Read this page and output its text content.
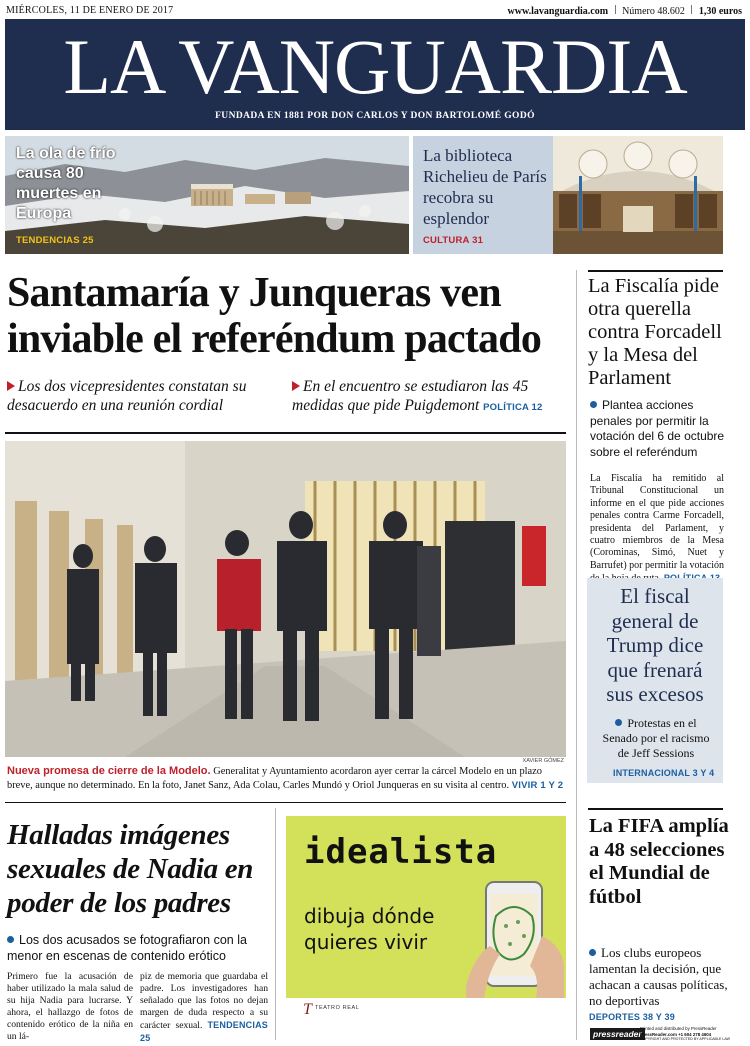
MIÉRCOLES, 11 DE ENERO DE 2017	www.lavanguardia.com Número 48.602 1,30 euros
LA VANGUARDIA
FUNDADA EN 1881 POR DON CARLOS Y DON BARTOLOMÉ GODÓ
La ola de frío causa 80 muertes en Europa
TENDENCIAS 25
La biblioteca Richelieu de París recobra su esplendor
CULTURA 31
Santamaría y Junqueras ven inviable el referéndum pactado
Los dos vicepresidentes constatan su desacuerdo en una reunión cordial
En el encuentro se estudiaron las 45 medidas que pide Puigdemont POLÍTICA 12
XAVIER GÓMEZ
Nueva promesa de cierre de la Modelo. Generalitat y Ayuntamiento acordaron ayer cerrar la cárcel Modelo en un plazo breve, aunque no determinado. En la foto, Janet Sanz, Ada Colau, Carles Mundó y Oriol Junqueras en su visita al centro. VIVIR 1 Y 2
La Fiscalía pide otra querella contra Forcadell y la Mesa del Parlament
Plantea acciones penales por permitir la votación del 6 de octubre sobre el referéndum
La Fiscalía ha remitido al Tribunal Constitucional un informe en el que pide acciones penales contra Carme Forcadell, presidenta del Parlament, y cuatro miembros de la Mesa (Corominas, Simó, Nuet y Barrufet) por permitir la votación
El fiscal general de Trump dice que frenará sus excesos
Protestas en el Senado por el racismo de Jeff Sessions
INTERNACIONAL 3 Y 4
Halladas imágenes sexuales de Nadia en poder de los padres
Los dos acusados se fotografiaron con la menor en escenas de contenido erótico
Primero fue la acusación de haber utilizado la mala salud de su hija Nadia para lucrarse. Y ahora, el hallazgo de fotos de contenido erótico de la niña en un lá-
piz de memoria que guardaba el padre. Los investigadores han señalado que las fotos no dejan margen de duda respecto a su carácter sexual. TENDENCIAS 25
idealista
dibuja dónde
quieres vivir
T TEATRO REAL
La FIFA amplía a 48 selecciones el Mundial de fútbol
Los clubs europeos lamentan la decisión, que achacan a causas políticas, no deportivas
DEPORTES 38 Y 39
pressreader
Printed and distributed by PressReader
PressReader.com +1 604 278 4604
COPYRIGHT AND PROTECTED BY APPLICABLE LAW
